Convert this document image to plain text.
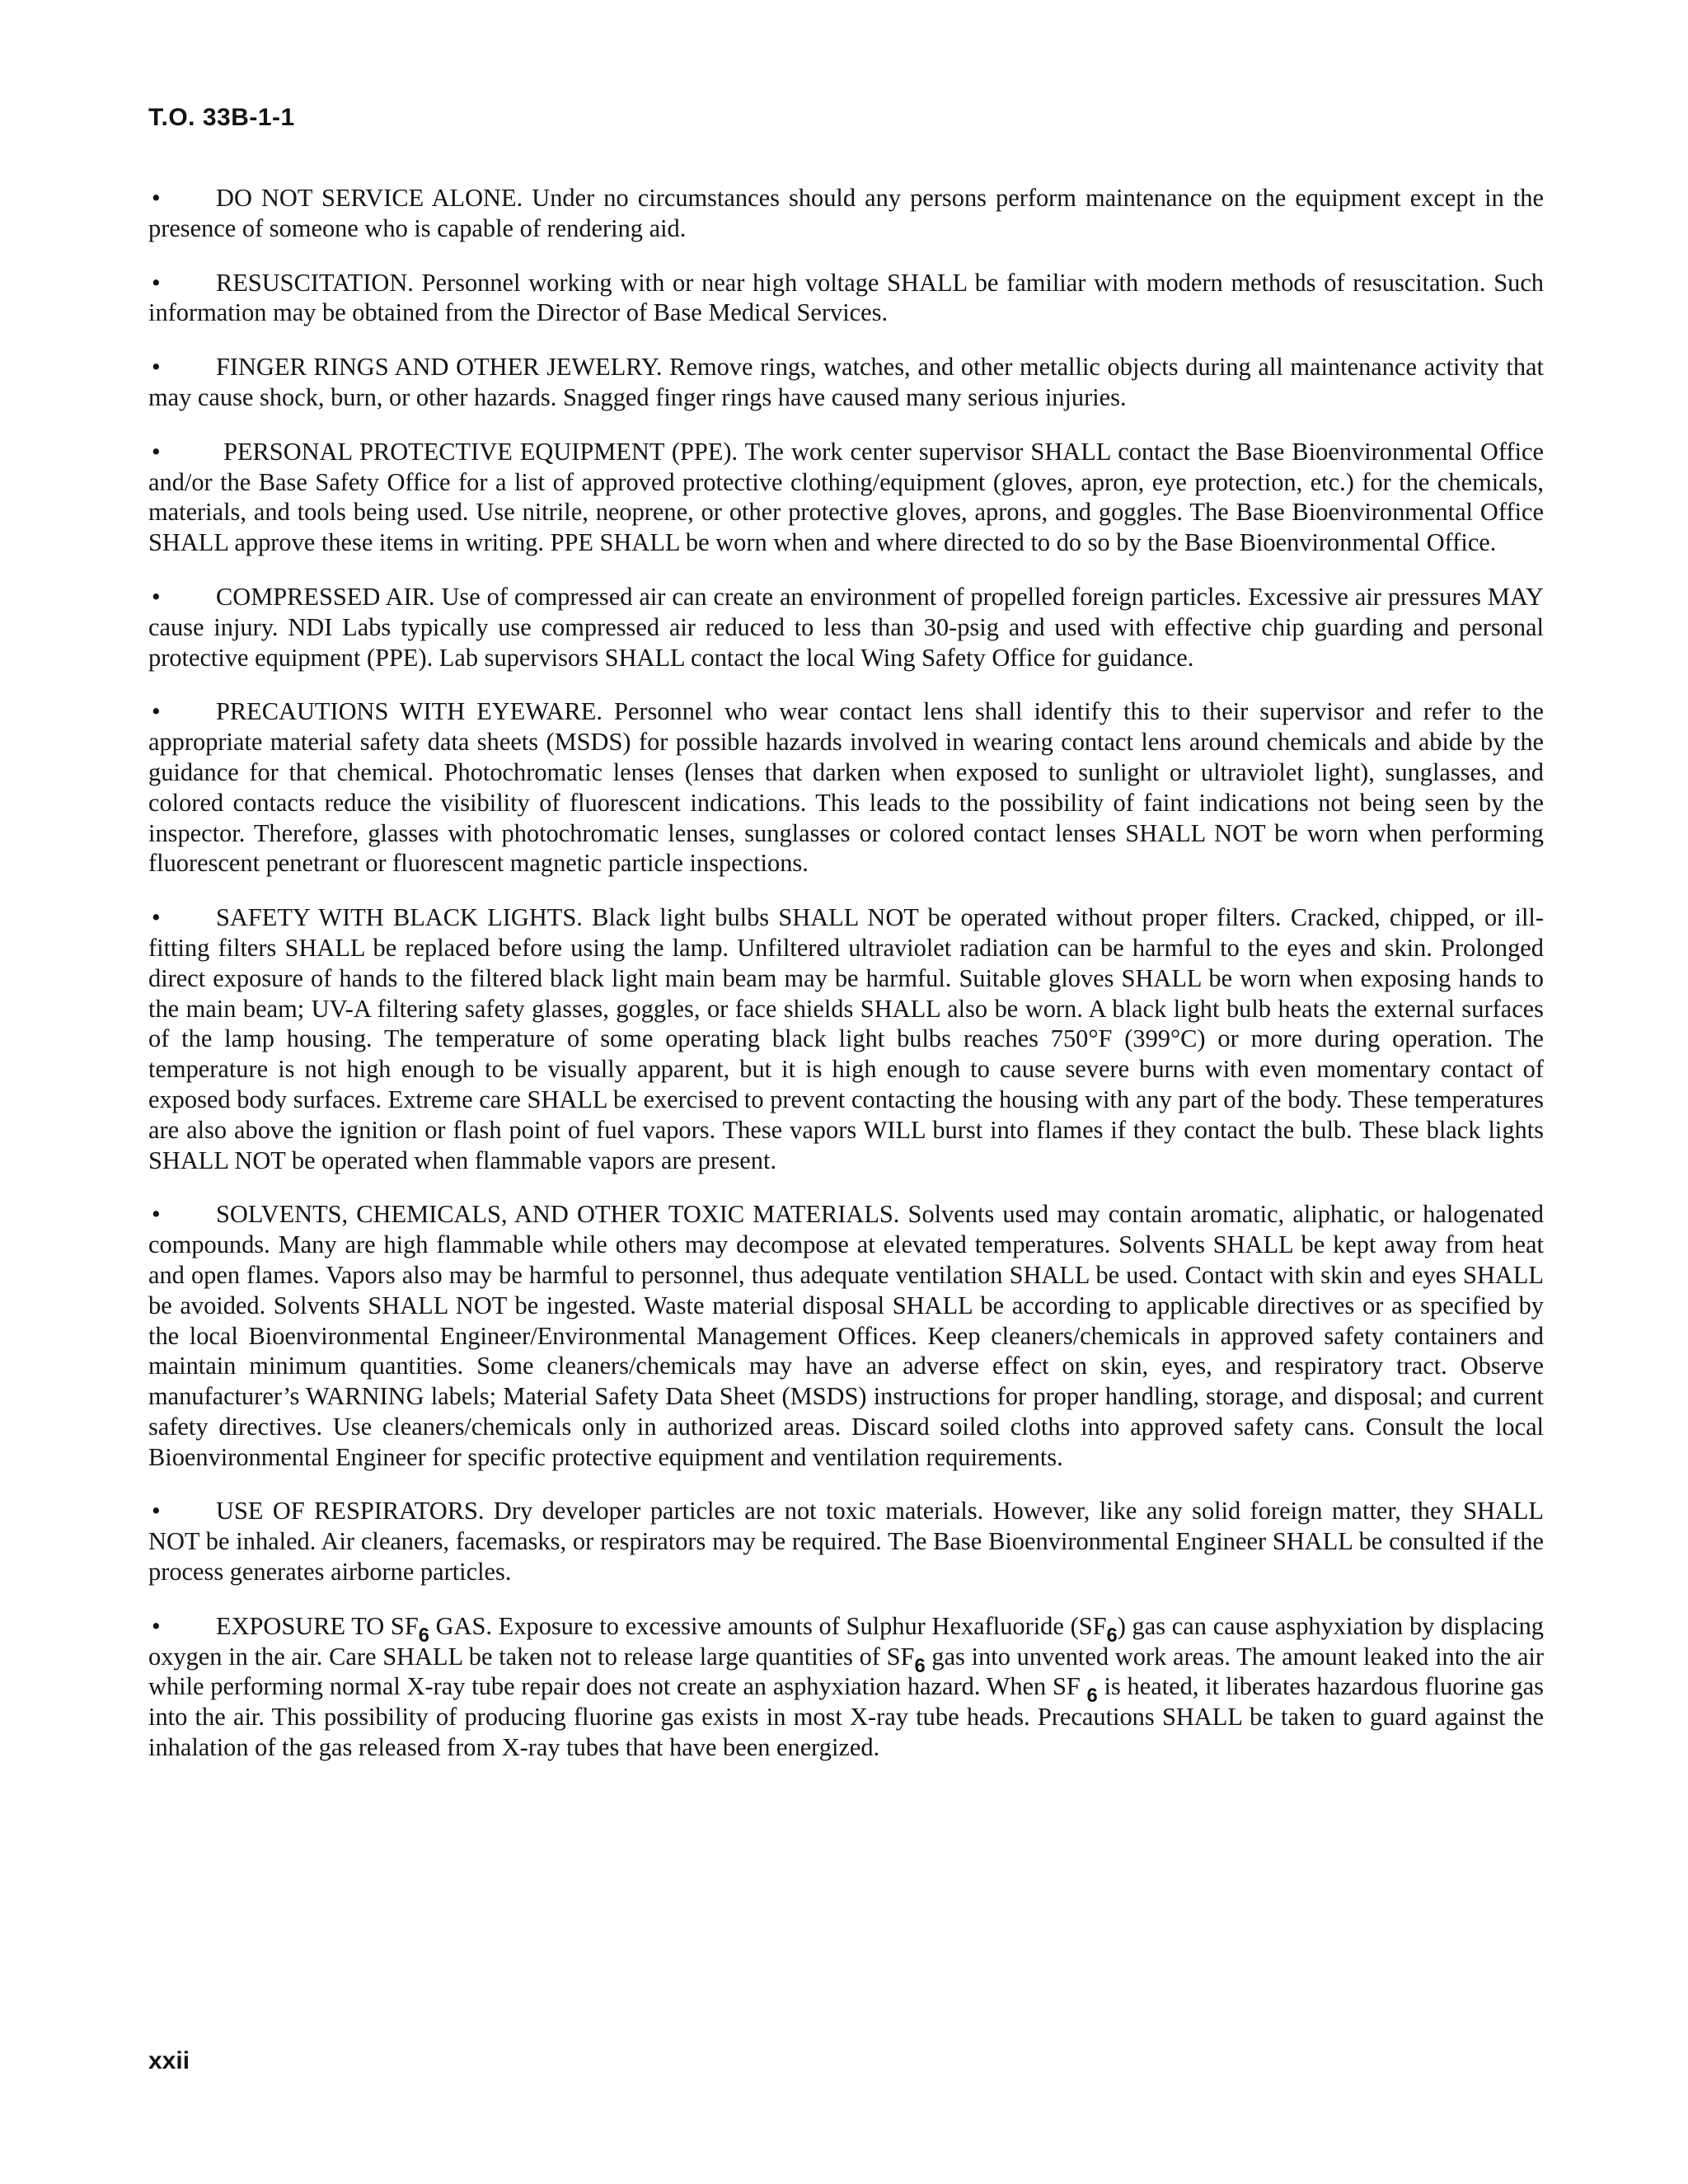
T.O. 33B-1-1

• DO NOT SERVICE ALONE. Under no circumstances should any persons perform maintenance on the equipment except in the presence of someone who is capable of rendering aid.

• RESUSCITATION. Personnel working with or near high voltage SHALL be familiar with modern methods of resuscitation. Such information may be obtained from the Director of Base Medical Services.

• FINGER RINGS AND OTHER JEWELRY. Remove rings, watches, and other metallic objects during all maintenance activity that may cause shock, burn, or other hazards. Snagged finger rings have caused many serious injuries.

• PERSONAL PROTECTIVE EQUIPMENT (PPE). The work center supervisor SHALL contact the Base Bioenvironmental Office and/or the Base Safety Office for a list of approved protective clothing/equipment (gloves, apron, eye protection, etc.) for the chemicals, materials, and tools being used. Use nitrile, neoprene, or other protective gloves, aprons, and goggles. The Base Bioenvironmental Office SHALL approve these items in writing. PPE SHALL be worn when and where directed to do so by the Base Bioenvironmental Office.

• COMPRESSED AIR. Use of compressed air can create an environment of propelled foreign particles. Excessive air pressures MAY cause injury. NDI Labs typically use compressed air reduced to less than 30-psig and used with effective chip guarding and personal protective equipment (PPE). Lab supervisors SHALL contact the local Wing Safety Office for guidance.

• PRECAUTIONS WITH EYEWARE. Personnel who wear contact lens shall identify this to their supervisor and refer to the appropriate material safety data sheets (MSDS) for possible hazards involved in wearing contact lens around chemicals and abide by the guidance for that chemical. Photochromatic lenses (lenses that darken when exposed to sunlight or ultraviolet light), sunglasses, and colored contacts reduce the visibility of fluorescent indications. This leads to the possibility of faint indications not being seen by the inspector. Therefore, glasses with photochromatic lenses, sunglasses or colored contact lenses SHALL NOT be worn when performing fluorescent penetrant or fluorescent magnetic particle inspections.

• SAFETY WITH BLACK LIGHTS. Black light bulbs SHALL NOT be operated without proper filters. Cracked, chipped, or ill-fitting filters SHALL be replaced before using the lamp. Unfiltered ultraviolet radiation can be harmful to the eyes and skin. Prolonged direct exposure of hands to the filtered black light main beam may be harmful. Suitable gloves SHALL be worn when exposing hands to the main beam; UV-A filtering safety glasses, goggles, or face shields SHALL also be worn. A black light bulb heats the external surfaces of the lamp housing. The temperature of some operating black light bulbs reaches 750°F (399°C) or more during operation. The temperature is not high enough to be visually apparent, but it is high enough to cause severe burns with even momentary contact of exposed body surfaces. Extreme care SHALL be exercised to prevent contacting the housing with any part of the body. These temperatures are also above the ignition or flash point of fuel vapors. These vapors WILL burst into flames if they contact the bulb. These black lights SHALL NOT be operated when flammable vapors are present.

• SOLVENTS, CHEMICALS, AND OTHER TOXIC MATERIALS. Solvents used may contain aromatic, aliphatic, or halogenated compounds. Many are high flammable while others may decompose at elevated temperatures. Solvents SHALL be kept away from heat and open flames. Vapors also may be harmful to personnel, thus adequate ventilation SHALL be used. Contact with skin and eyes SHALL be avoided. Solvents SHALL NOT be ingested. Waste material disposal SHALL be according to applicable directives or as specified by the local Bioenvironmental Engineer/Environmental Management Offices. Keep cleaners/chemicals in approved safety containers and maintain minimum quantities. Some cleaners/chemicals may have an adverse effect on skin, eyes, and respiratory tract. Observe manufacturer’s WARNING labels; Material Safety Data Sheet (MSDS) instructions for proper handling, storage, and disposal; and current safety directives. Use cleaners/chemicals only in authorized areas. Discard soiled cloths into approved safety cans. Consult the local Bioenvironmental Engineer for specific protective equipment and ventilation requirements.

• USE OF RESPIRATORS. Dry developer particles are not toxic materials. However, like any solid foreign matter, they SHALL NOT be inhaled. Air cleaners, facemasks, or respirators may be required. The Base Bioenvironmental Engineer SHALL be consulted if the process generates airborne particles.

• EXPOSURE TO $SF_6$ GAS. Exposure to excessive amounts of Sulphur Hexafluoride $(SF_6)$ gas can cause asphyxiation by displacing oxygen in the air. Care SHALL be taken not to release large quantities of $SF_6$ gas into unvented work areas. The amount leaked into the air while performing normal X-ray tube repair does not create an asphyxiation hazard. When SF $_6$ is heated, it liberates hazardous fluorine gas into the air. This possibility of producing fluorine gas exists in most X-ray tube heads. Precautions SHALL be taken to guard against the inhalation of the gas released from X-ray tubes that have been energized.

xxii
